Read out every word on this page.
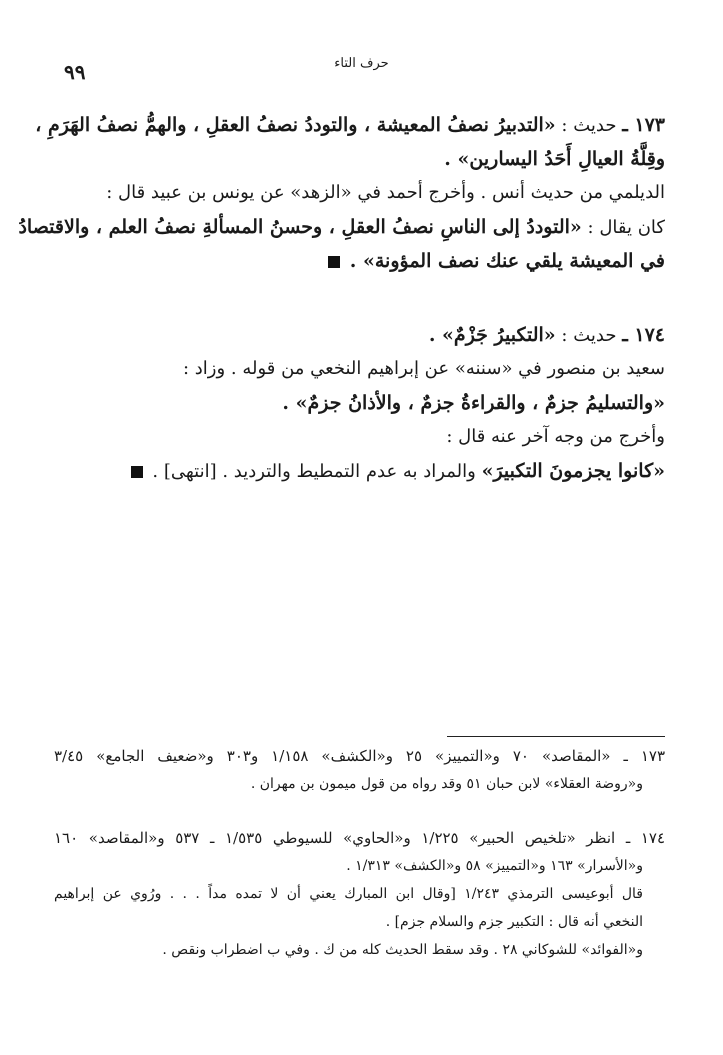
حرف التاء
٩٩
١٧٣ ـ حديث : «التدبيرُ نصفُ المعيشة ، والتوددُ نصفُ العقلِ ، والهمُّ نصفُ الهَرَمِ ،
وقِلَّةُ العيالِ أَحَدُ اليسارين» .
الديلمي من حديث أنس . وأخرج أحمد في «الزهد» عن يونس بن عبيد قال :
كان يقال : «التوددُ إلى الناسِ نصفُ العقلِ ، وحسنُ المسألةِ نصفُ العلم ، والاقتصادُ
في المعيشة يلقي عنك نصف المؤونة» .
١٧٤ ـ حديث : «التكبيرُ جَزْمٌ» .
سعيد بن منصور في «سننه» عن إبراهيم النخعي من قوله . وزاد :
«والتسليمُ جزمٌ ، والقراءةُ جزمٌ ، والأذانُ جزمٌ» .
وأخرج من وجه آخر عنه قال :
«كانوا يجزمونَ التكبيرَ» والمراد به عدم التمطيط والترديد . [انتهى] .
١٧٣ ـ «المقاصد» ٧٠ و«التمييز» ٢٥ و«الكشف» ١/١٥٨ و٣٠٣ و«ضعيف الجامع» ٣/٤٥
و«روضة العقلاء» لابن حبان ٥١ وقد رواه من قول ميمون بن مهران .
١٧٤ ـ انظر «تلخيص الحبير» ١/٢٢٥ و«الحاوي» للسيوطي ١/٥٣٥ ـ ٥٣٧ و«المقاصد» ١٦٠
و«الأسرار» ١٦٣ و«التمييز» ٥٨ و«الكشف» ١/٣١٣ .
قال أبوعيسى الترمذي ١/٢٤٣ [وقال ابن المبارك يعني أن لا تمده مداً . . . ورُوي عن إبراهيم
النخعي أنه قال : التكبير جزم والسلام جزم] .
و«الفوائد» للشوكاني ٢٨ . وقد سقط الحديث كله من ك . وفي ب اضطراب ونقص .
